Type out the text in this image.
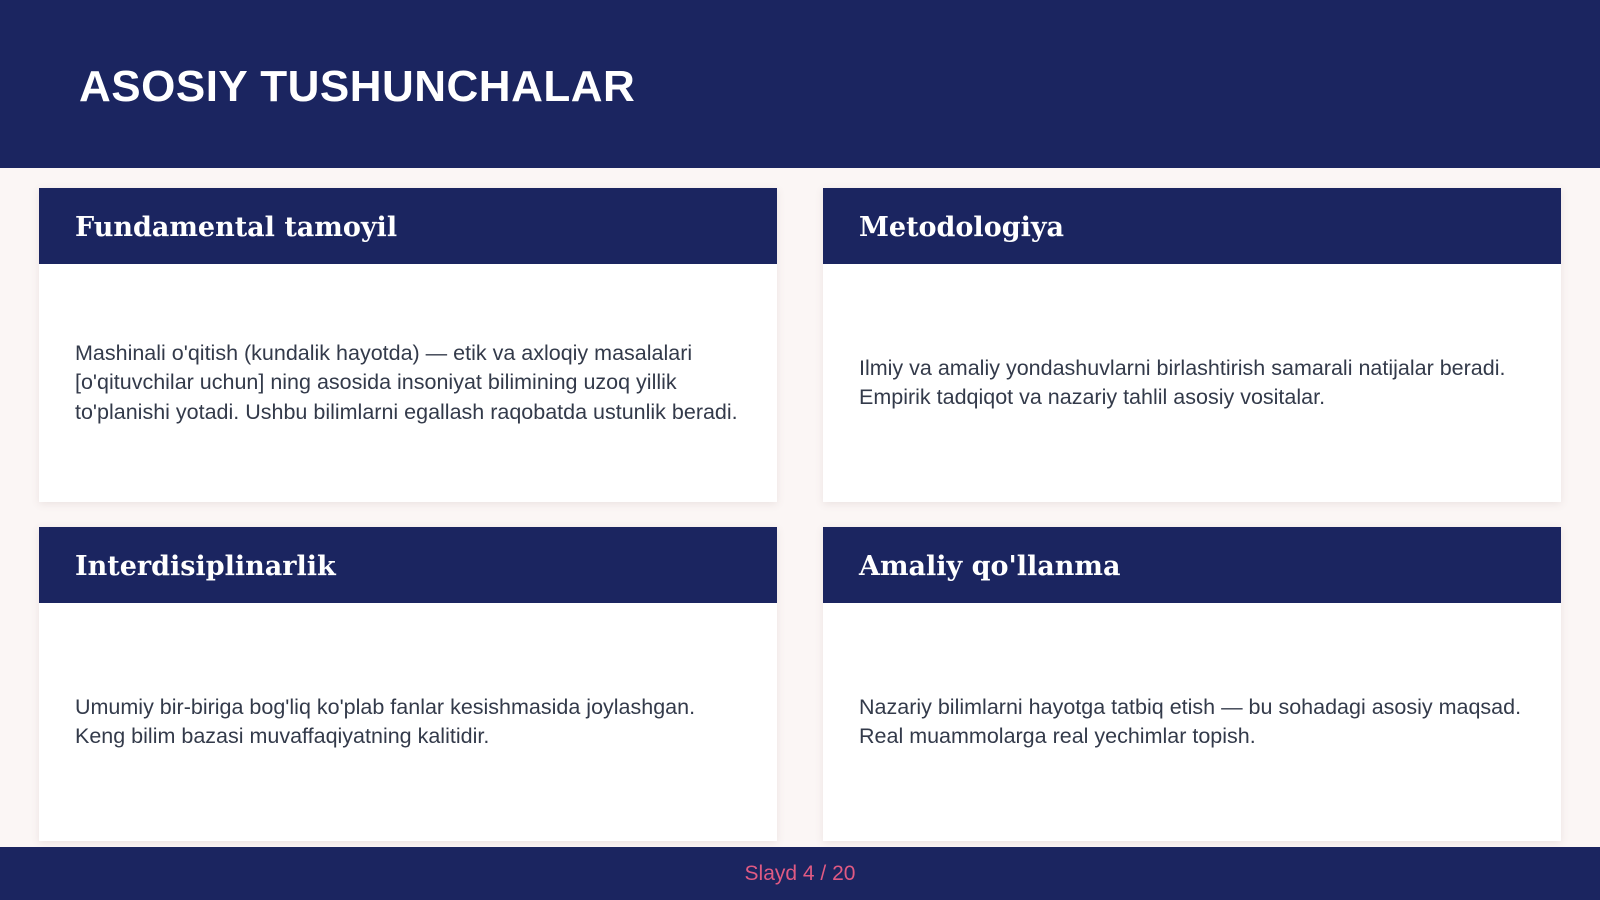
ASOSIY TUSHUNCHALAR
Fundamental tamoyil

Mashinali o'qitish (kundalik hayotda) — etik va axloqiy masalalari [o'qituvchilar uchun] ning asosida insoniyat bilimining uzoq yillik to'planishi yotadi. Ushbu bilimlarni egallash raqobatda ustunlik beradi.

Metodologiya

Ilmiy va amaliy yondashuvlarni birlashtirish samarali natijalar beradi. Empirik tadqiqot va nazariy tahlil asosiy vositalar.

Interdisiplinarlik

Umumiy bir-biriga bog'liq ko'plab fanlar kesishmasida joylashgan. Keng bilim bazasi muvaffaqiyatning kalitidir.

Amaliy qo'llanma

Nazariy bilimlarni hayotga tatbiq etish — bu sohadagi asosiy maqsad. Real muammolarga real yechimlar topish.

Slayd 4 / 20
